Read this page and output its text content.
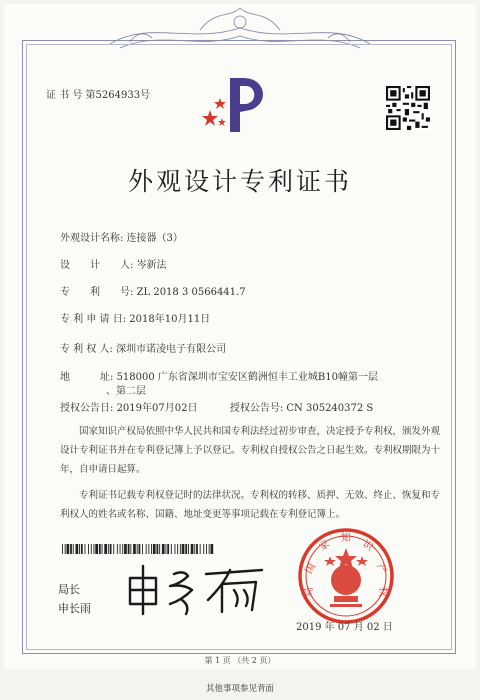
证 书 号 第5264933号
外观设计专利证书
外观设计名称: 连接器（3）
设　　计　　人: 岑新法
专　　利　　号: ZL 2018 3 0566441.7
专 利 申 请 日: 2018年10月11日
专 利 权 人: 深圳市诺凌电子有限公司
地　　　址: 518000 广东省深圳市宝安区鹤洲恒丰工业城B10幢第一层
、第二层
授权公告日: 2019年07月02日	授权公告号: CN 305240372 S
国家知识产权局依照中华人民共和国专利法经过初步审查，决定授予专利权，颁发外观设计专利证书并在专利登记簿上予以登记。专利权自授权公告之日起生效。专利权期限为十年，自申请日起算。
专利证书记载专利权登记时的法律状况。专利权的转移、质押、无效、终止、恢复和专利权人的姓名或名称、国籍、地址变更等事项记载在专利登记簿上。
局长
申长雨
国
家
知
识
产
权
局
2019 年 07 月 02 日
第 1 页 （共 2 页）
其他事项参见背面
